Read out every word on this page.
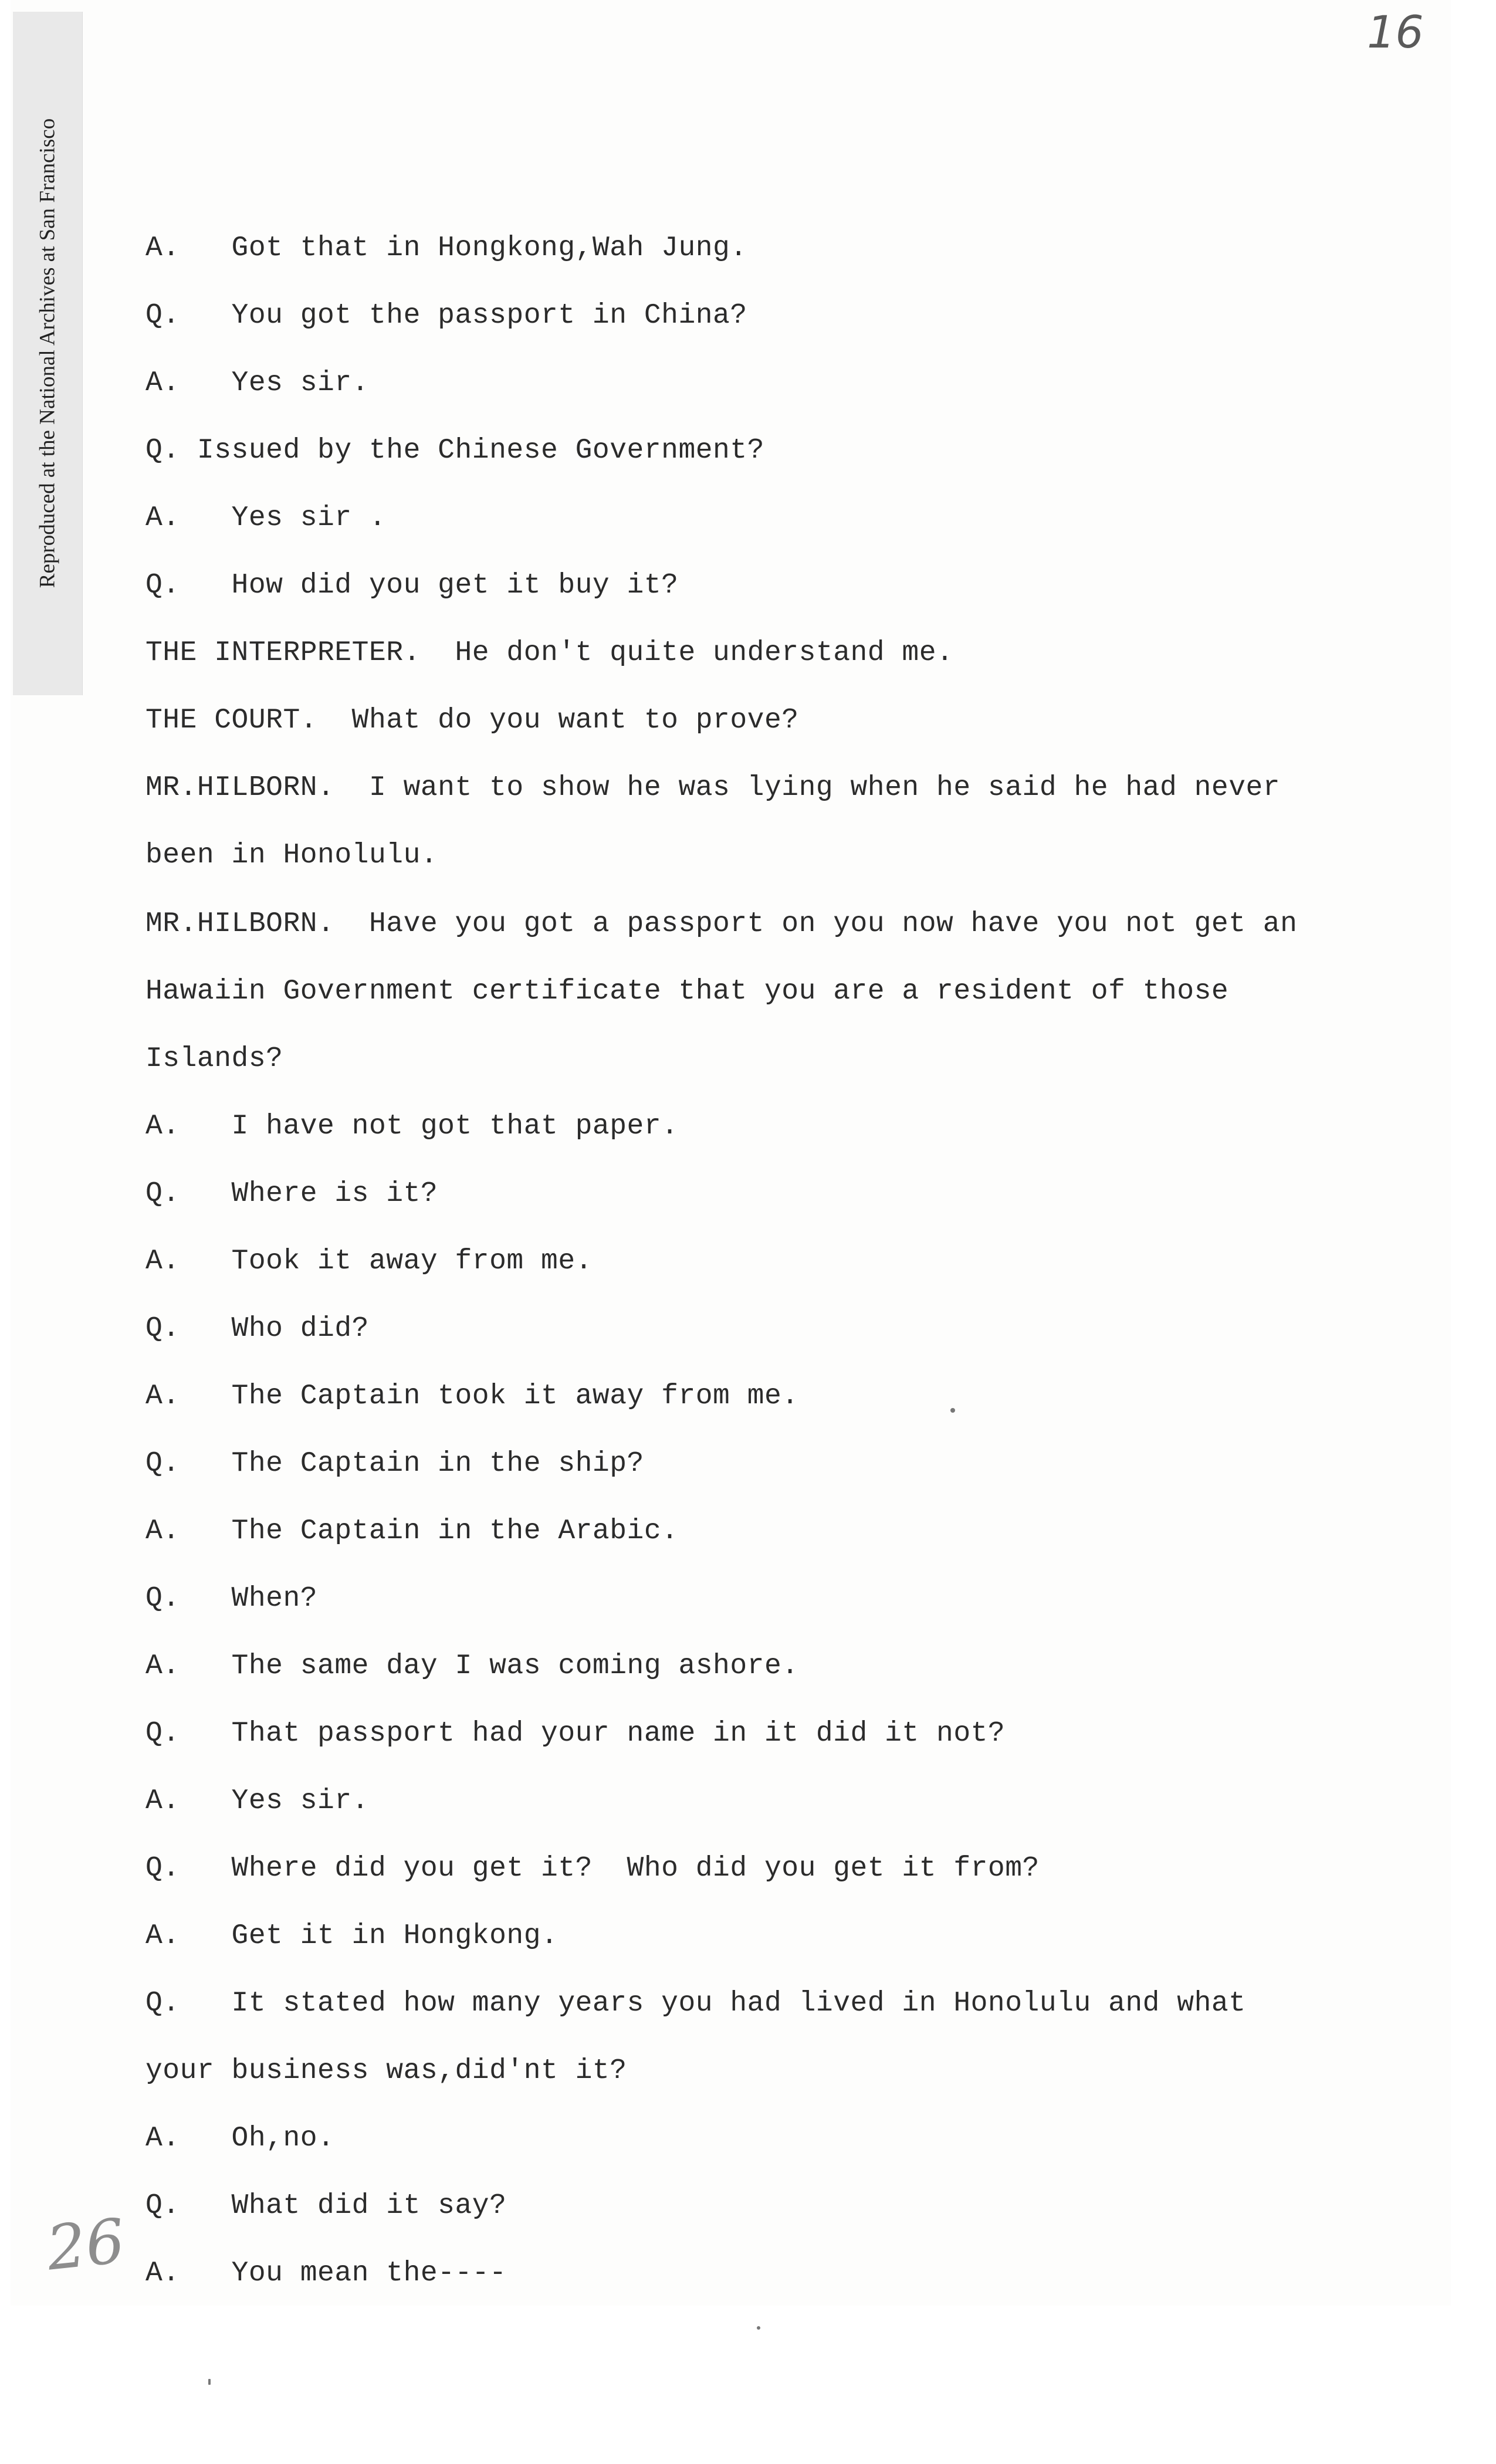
Reproduced at the National Archives at San Francisco
16
A.   Got that in Hongkong,Wah Jung.
Q.   You got the passport in China?
A.   Yes sir.
Q. Issued by the Chinese Government?
A.   Yes sir .
Q.   How did you get it buy it?
THE INTERPRETER.  He don't quite understand me.
THE COURT.  What do you want to prove?
MR.HILBORN.  I want to show he was lying when he said he had never
been in Honolulu.
MR.HILBORN.  Have you got a passport on you now have you not get an
Hawaiin Government certificate that you are a resident of those
Islands?
A.   I have not got that paper.
Q.   Where is it?
A.   Took it away from me.
Q.   Who did?
A.   The Captain took it away from me.
Q.   The Captain in the ship?
A.   The Captain in the Arabic.
Q.   When?
A.   The same day I was coming ashore.
Q.   That passport had your name in it did it not?
A.   Yes sir.
Q.   Where did you get it?  Who did you get it from?
A.   Get it in Hongkong.
Q.   It stated how many years you had lived in Honolulu and what
your business was,did'nt it?
A.   Oh,no.
Q.   What did it say?
A.   You mean the----
26
